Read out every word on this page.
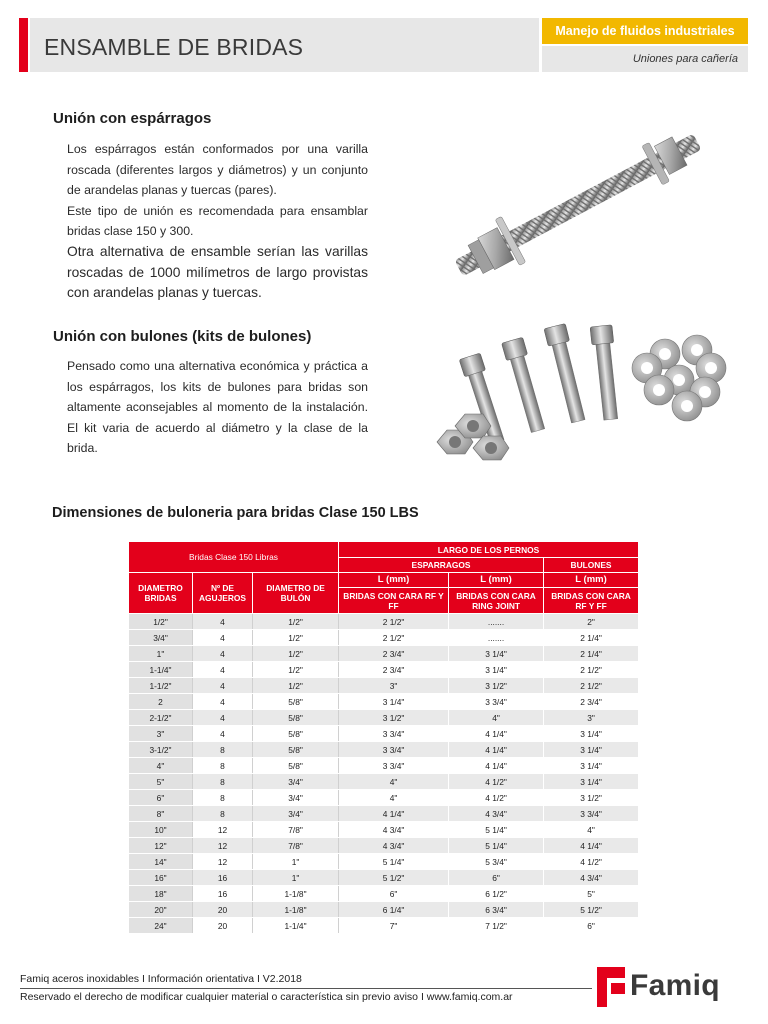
ENSAMBLE DE BRIDAS
Manejo de fluidos industriales
Uniones para cañería
Unión con espárragos

Los espárragos están conformados por una varilla roscada (diferentes largos y diámetros) y un conjunto de arandelas planas y tuercas (pares).

Este tipo de unión es recomendada para ensamblar bridas clase 150 y 300.

Otra alternativa de ensamble serían las varillas roscadas de 1000 milímetros de largo provistas con arandelas planas y tuercas.

Unión con bulones (kits de bulones)

Pensado como una alternativa económica y práctica a los espárragos, los kits de bulones para bridas son altamente aconsejables al momento de la instalación. El kit varia de acuerdo al diámetro y la clase de la brida.

Dimensiones de buloneria para bridas Clase 150 LBS
Bridas Clase 150 Libras			LARGO DE LOS PERNOS		
			ESPARRAGOS		BULONES
DIAMETRO BRIDAS	Nº DE AGUJEROS	DIAMETRO DE BULÓN	L (mm)	L (mm)	L (mm)
			BRIDAS CON CARA RF Y FF	BRIDAS CON CARA RING JOINT	BRIDAS CON CARA RF Y FF
1/2"	4	1/2"	2 1/2"	.......	2"
3/4"	4	1/2"	2 1/2"	.......	2 1/4"
1"	4	1/2"	2 3/4"	3 1/4"	2 1/4"
1-1/4"	4	1/2"	2 3/4"	3 1/4"	2 1/2"
1-1/2"	4	1/2"	3"	3 1/2"	2 1/2"
2	4	5/8"	3 1/4"	3 3/4"	2 3/4"
2-1/2"	4	5/8"	3 1/2"	4"	3"
3"	4	5/8"	3 3/4"	4 1/4"	3 1/4"
3-1/2"	8	5/8"	3 3/4"	4 1/4"	3 1/4"
4"	8	5/8"	3 3/4"	4 1/4"	3 1/4"
5"	8	3/4"	4"	4 1/2"	3 1/4"
6"	8	3/4"	4"	4 1/2"	3 1/2"
8"	8	3/4"	4 1/4"	4 3/4"	3 3/4"
10"	12	7/8"	4 3/4"	5 1/4"	4"
12"	12	7/8"	4 3/4"	5 1/4"	4 1/4"
14"	12	1"	5 1/4"	5 3/4"	4 1/2"
16"	16	1"	5 1/2"	6"	4 3/4"
18"	16	1-1/8"	6"	6 1/2"	5"
20"	20	1-1/8"	6 1/4"	6 3/4"	5 1/2"
24"	20	1-1/4"	7"	7 1/2"	6"
Famiq aceros inoxidables I Información orientativa I V2.2018
Reservado el derecho de modificar cualquier material o característica sin previo aviso I www.famiq.com.ar	Famiq
